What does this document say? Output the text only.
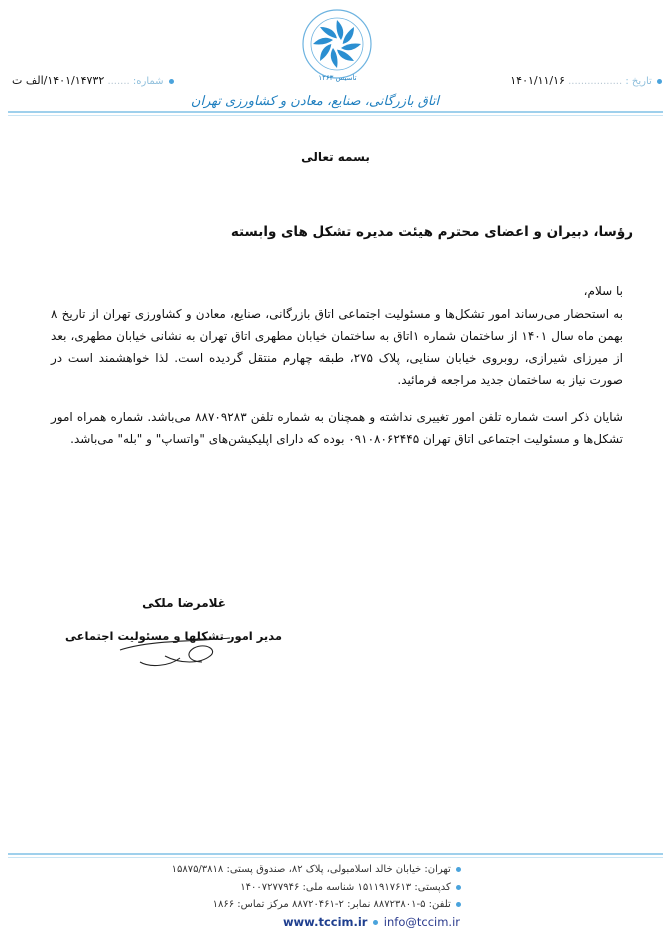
تاسیس ۱۲۶۳	تاریخ : ................. ۱۴۰۱/۱۱/۱۶
شماره: ....... ۱۴۰۱/۱۴۷۳۲/الف ت
اتاق بازرگانی، صنایع، معادن و کشاورزی تهران
بسمه تعالی
رؤسا، دبیران و اعضای محترم هیئت مدیره تشکل های وابسته
با سلام،

به استحضار می‌رساند امور تشکل‌ها و مسئولیت اجتماعی اتاق بازرگانی، صنایع، معادن و کشاورزی تهران از تاریخ ۸ بهمن ماه سال ۱۴۰۱ از ساختمان شماره ۱اتاق به ساختمان خیابان مطهری اتاق تهران به نشانی خیابان مطهری، بعد از میرزای شیرازی، روبروی خیابان سنایی، پلاک ۲۷۵، طبقه چهارم منتقل گردیده است. لذا خواهشمند است در صورت نیاز به ساختمان جدید مراجعه فرمائید.

شایان ذکر است شماره تلفن امور تغییری نداشته و همچنان به شماره تلفن ۸۸۷۰۹۲۸۳ می‌باشد. شماره همراه امور تشکل‌ها و مسئولیت اجتماعی اتاق تهران ۰۹۱۰۸۰۶۲۴۴۵ بوده که دارای اپلیکیشن‌های "واتساپ" و "بله" می‌باشد.

غلامرضا ملکی
مدیر امور تشکلها و مسئولیت اجتماعی
تهران: خیابان خالد اسلامبولی، پلاک ۸۲، صندوق پستی: ۱۵۸۷۵/۳۸۱۸
کدپستی: ۱۵۱۱۹۱۷۶۱۳ شناسه ملی: ۱۴۰۰۷۲۷۷۹۴۶
تلفن: ۵-۸۸۷۲۳۸۰۱ نمابر: ۲-۸۸۷۲۰۴۶۱ مرکز تماس: ۱۸۶۶
www.tccim.ir info@tccim.ir
